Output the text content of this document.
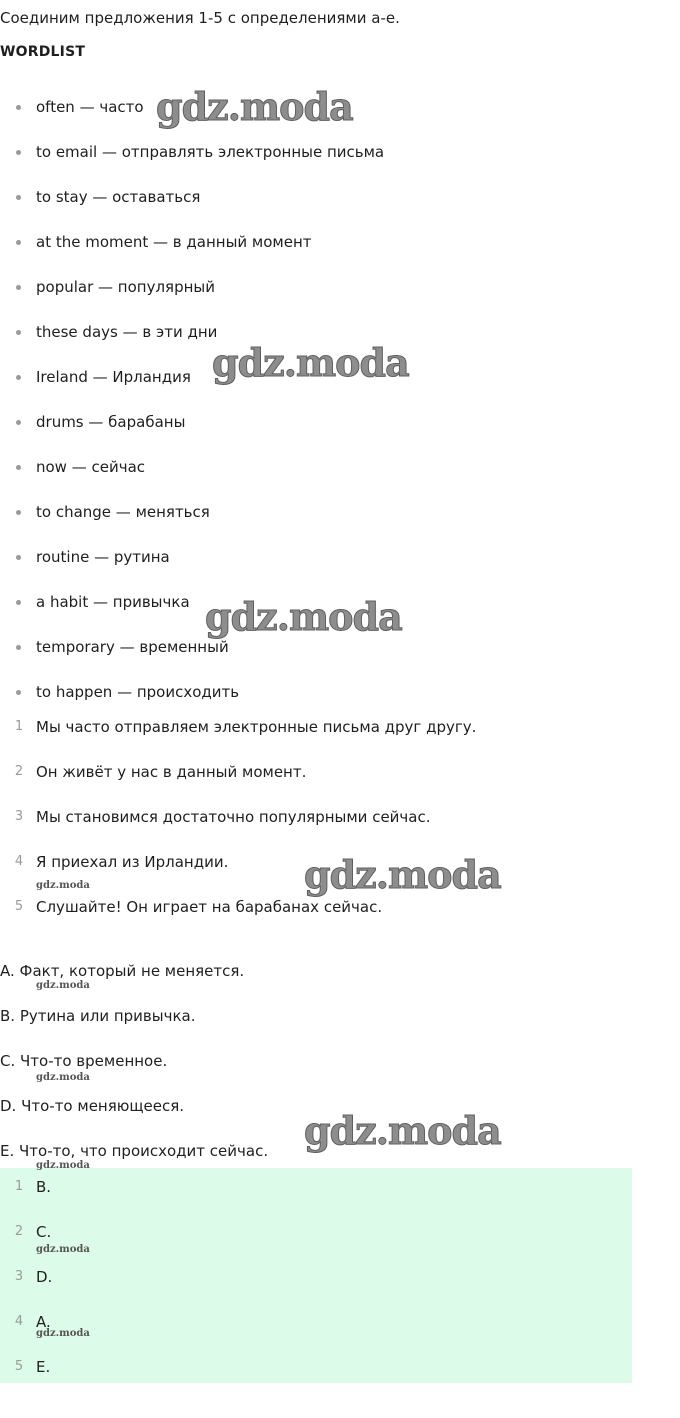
Соединим предложения 1-5 с определениями a-e.
WORDLIST
often — часто
to email — отправлять электронные письма
to stay — оставаться
at the moment — в данный момент
popular — популярный
these days — в эти дни
Ireland — Ирландия
drums — барабаны
now — сейчас
to change — меняться
routine — рутина
a habit — привычка
temporary — временный
to happen — происходить
1 Мы часто отправляем электронные письма друг другу.
2 Он живёт у нас в данный момент.
3 Мы становимся достаточно популярными сейчас.
4 Я приехал из Ирландии.
5 Слушайте! Он играет на барабанах сейчас.
A. Факт, который не меняется.
B. Рутина или привычка.
C. Что-то временное.
D. Что-то меняющееся.
E. Что-то, что происходит сейчас.
1 B.
2 C.
3 D.
4 A.
5 E.
gdz.moda
gdz.moda
gdz.moda
gdz.moda
gdz.moda
gdz.moda
gdz.moda
gdz.moda
gdz.moda
gdz.moda
gdz.moda
